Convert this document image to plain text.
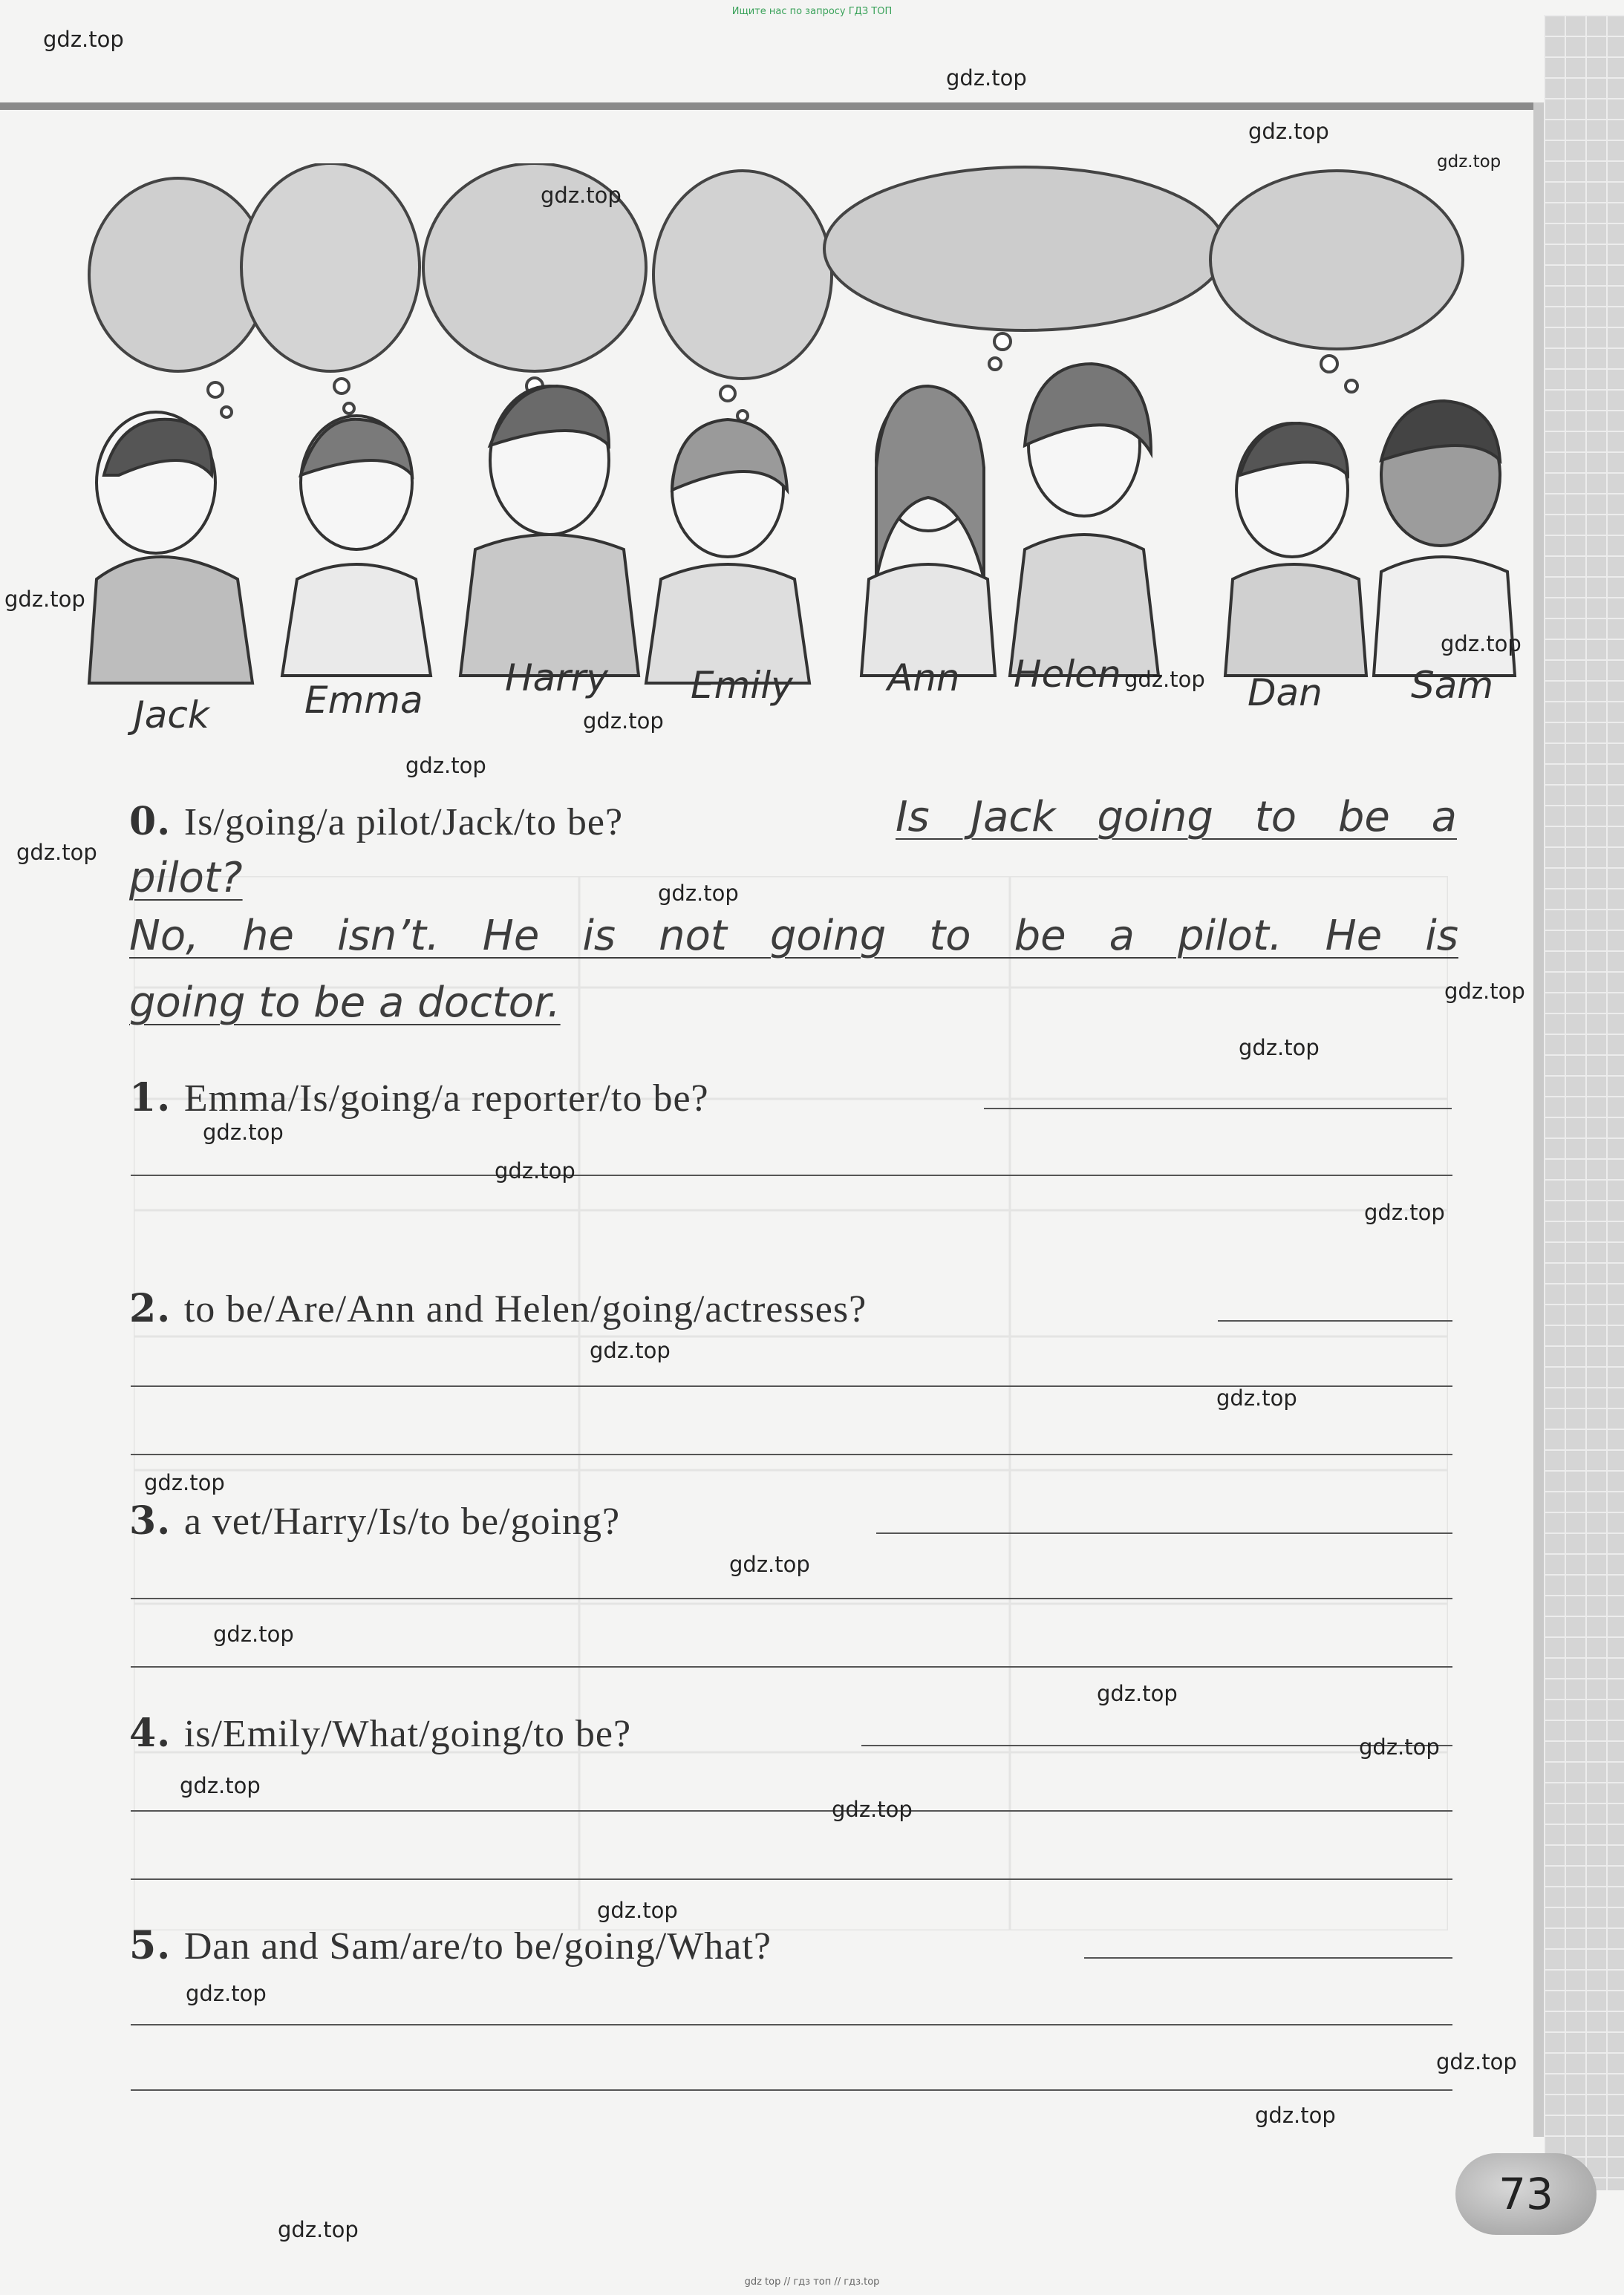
Ищите нас по запросу ГДЗ ТОП
Jack	Emma
Harry Emily	Ann Helen	Dan Sam
0. Is/going/a pilot/Jack/to be?	Is Jack going to be a
pilot?
No, he isn’t. He is not going to be a pilot. He is
going to be a doctor.
1. Emma/Is/going/a reporter/to be?
2. to be/Are/Ann and Helen/going/actresses?
3. a vet/Harry/Is/to be/going?
4. is/Emily/What/going/to be?
5. Dan and Sam/are/to be/going/What?
73
gdz.top
gdz.top
gdz.top
gdz.top
gdz.top
gdz.top
gdz.top
gdz.top
gdz.top
gdz.top
gdz.top
gdz.top
gdz.top
gdz.top
gdz.top
gdz.top
gdz.top
gdz.top
gdz.top
gdz.top
gdz.top
gdz.top
gdz.top
gdz.top
gdz.top
gdz.top
gdz.top
gdz.top
gdz.top
gdz.top
gdz.top
gdz top // гдз топ // гдз.top
